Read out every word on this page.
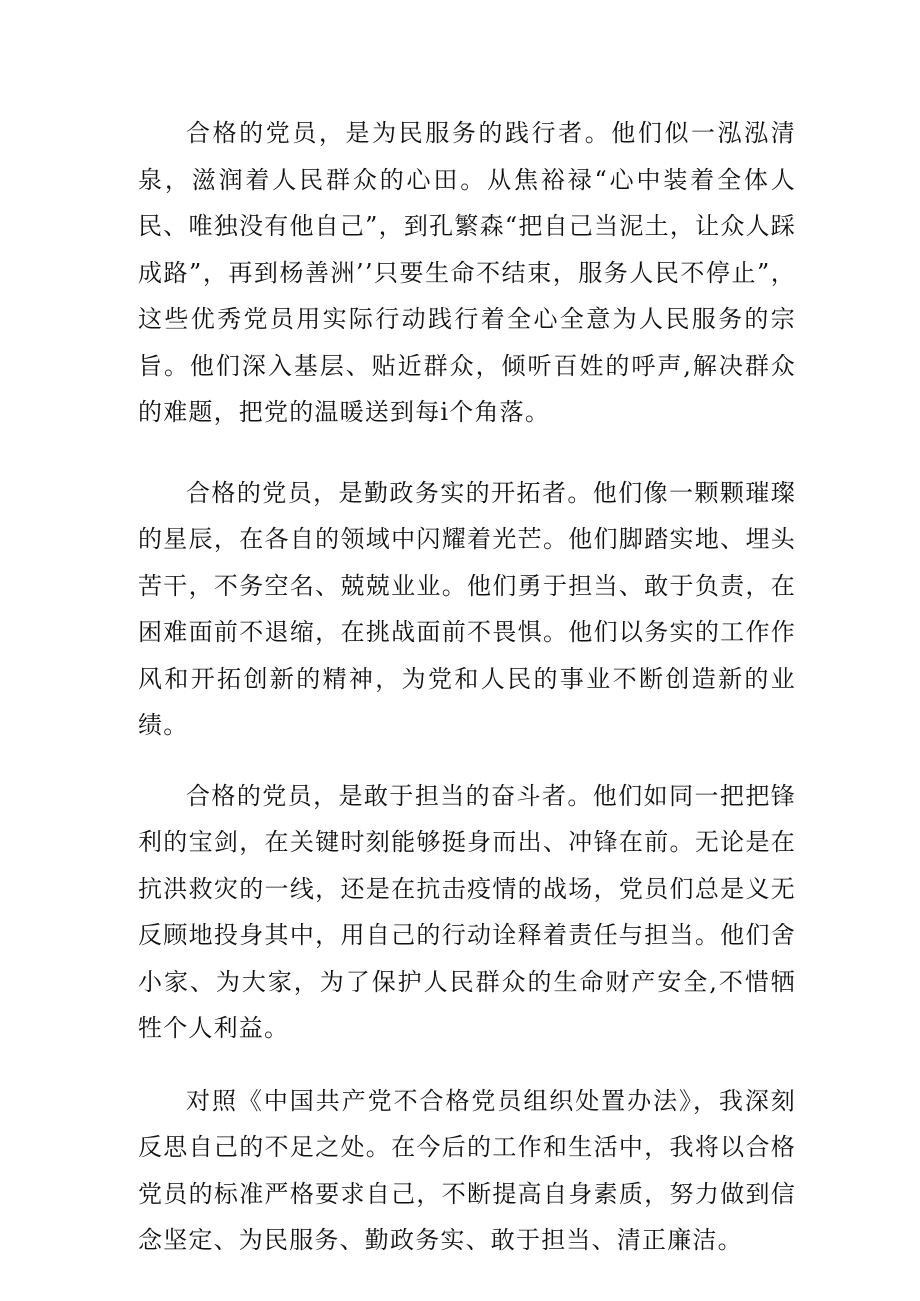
合格的党员，是为民服务的践行者。他们似一泓泓清泉，滋润着人民群众的心田。从焦裕禄“心中装着全体人民、唯独没有他自己”，到孔繁森“把自己当泥土，让众人踩成路”，再到杨善洲’’只要生命不结束，服务人民不停止”，这些优秀党员用实际行动践行着全心全意为人民服务的宗旨。他们深入基层、贴近群众，倾听百姓的呼声,解决群众的难题，把党的温暖送到每i个角落。

合格的党员，是勤政务实的开拓者。他们像一颗颗璀璨的星辰，在各自的领域中闪耀着光芒。他们脚踏实地、埋头苦干，不务空名、兢兢业业。他们勇于担当、敢于负责，在困难面前不退缩，在挑战面前不畏惧。他们以务实的工作作风和开拓创新的精神，为党和人民的事业不断创造新的业绩。

合格的党员，是敢于担当的奋斗者。他们如同一把把锋利的宝剑，在关键时刻能够挺身而出、冲锋在前。无论是在抗洪救灾的一线，还是在抗击疫情的战场，党员们总是义无反顾地投身其中，用自己的行动诠释着责任与担当。他们舍小家、为大家，为了保护人民群众的生命财产安全,不惜牺牲个人利益。

对照《中国共产党不合格党员组织处置办法》，我深刻反思自己的不足之处。在今后的工作和生活中，我将以合格党员的标准严格要求自己，不断提高自身素质，努力做到信念坚定、为民服务、勤政务实、敢于担当、清正廉洁。
